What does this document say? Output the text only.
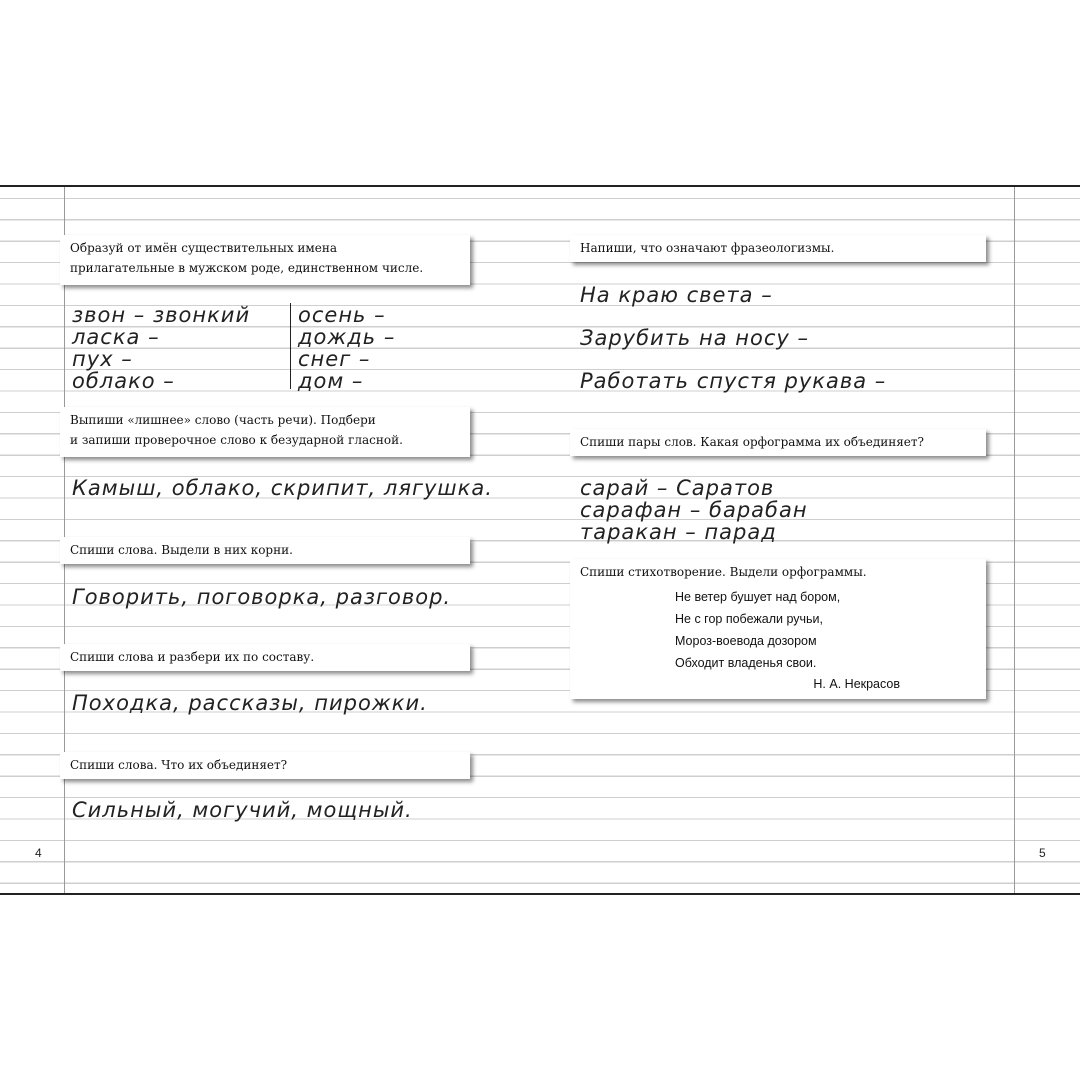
4	5

Образуй от имён существительных имена

прилагательные в мужском роде, единственном числе.

звон – звонкий
ласка –
пух –
облако –
осень –
дождь –
снег –
дом –

Выпиши «лишнее» слово (часть речи). Подбери

и запиши проверочное слово к безударной гласной.

Камыш, облако, скрипит, лягушка.

Спиши слова. Выдели в них корни.

Говорить, поговорка, разговор.

Спиши слова и разбери их по составу.

Походка, рассказы, пирожки.

Спиши слова. Что их объединяет?

Сильный, могучий, мощный.

Напиши, что означают фразеологизмы.

На краю света –
Зарубить на носу –
Работать спустя рукава –

Спиши пары слов. Какая орфограмма их объединяет?

сарай – Саратов
сарафан – барабан
таракан – парад

Спиши стихотворение. Выдели орфограммы.

Не ветер бушует над бором,
Не с гор побежали ручьи,
Мороз-воевода дозором
Обходит владенья свои.
Н. А. Некрасов
